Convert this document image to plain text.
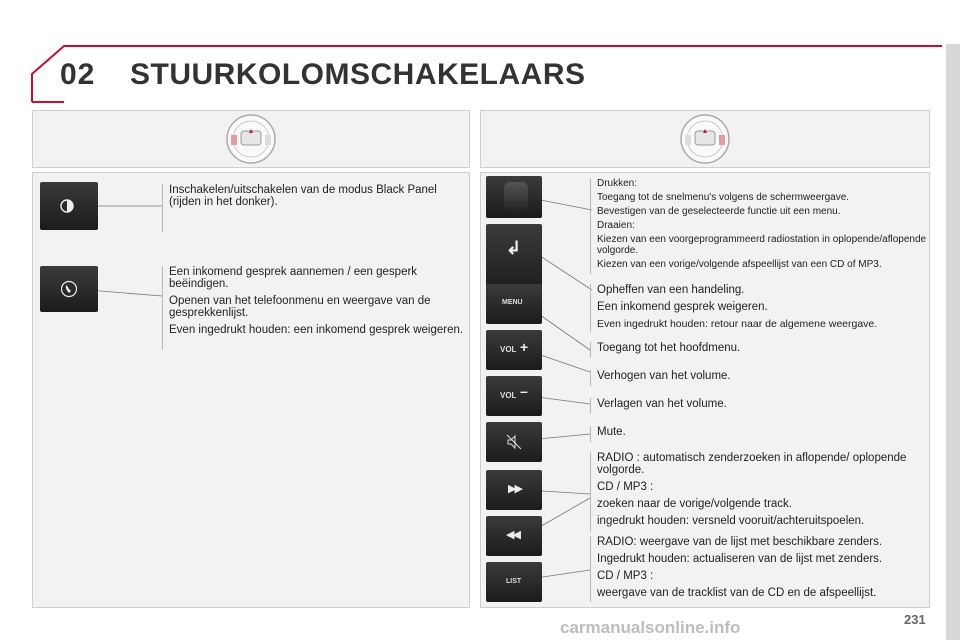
02 STUURKOLOMSCHAKELAARS

Inschakelen/uitschakelen van de modus Black Panel (rijden in het donker).

Een inkomend gesprek aannemen / een gesperk beëindigen.

Openen van het telefoonmenu en weergave van de gesprekkenlijst.

Even ingedrukt houden: een inkomend gesprek weigeren.

↲
MENU
VOL +
VOL –
▶▶
◀◀
LIST

Drukken:

Toegang tot de snelmenu's volgens de schermweergave.

Bevestigen van de geselecteerde functie uit een menu.

Draaien:

Kiezen van een voorgeprogrammeerd radiostation in oplopende/aflopende volgorde.

Kiezen van een vorige/volgende afspeellijst van een CD of MP3.

Opheffen van een handeling.

Een inkomend gesprek weigeren.

Even ingedrukt houden: retour naar de algemene weergave.

Toegang tot het hoofdmenu.

Verhogen van het volume.

Verlagen van het volume.

Mute.

RADIO : automatisch zenderzoeken in aflopende/ oplopende volgorde.

CD / MP3 :

zoeken naar de vorige/volgende track.

ingedrukt houden: versneld vooruit/achteruitspoelen.

RADIO: weergave van de lijst met beschikbare zenders.

Ingedrukt houden: actualiseren van de lijst met zenders.

CD / MP3 :

weergave van de tracklist van de CD en de afspeellijst.

carmanualsonline.info	231
